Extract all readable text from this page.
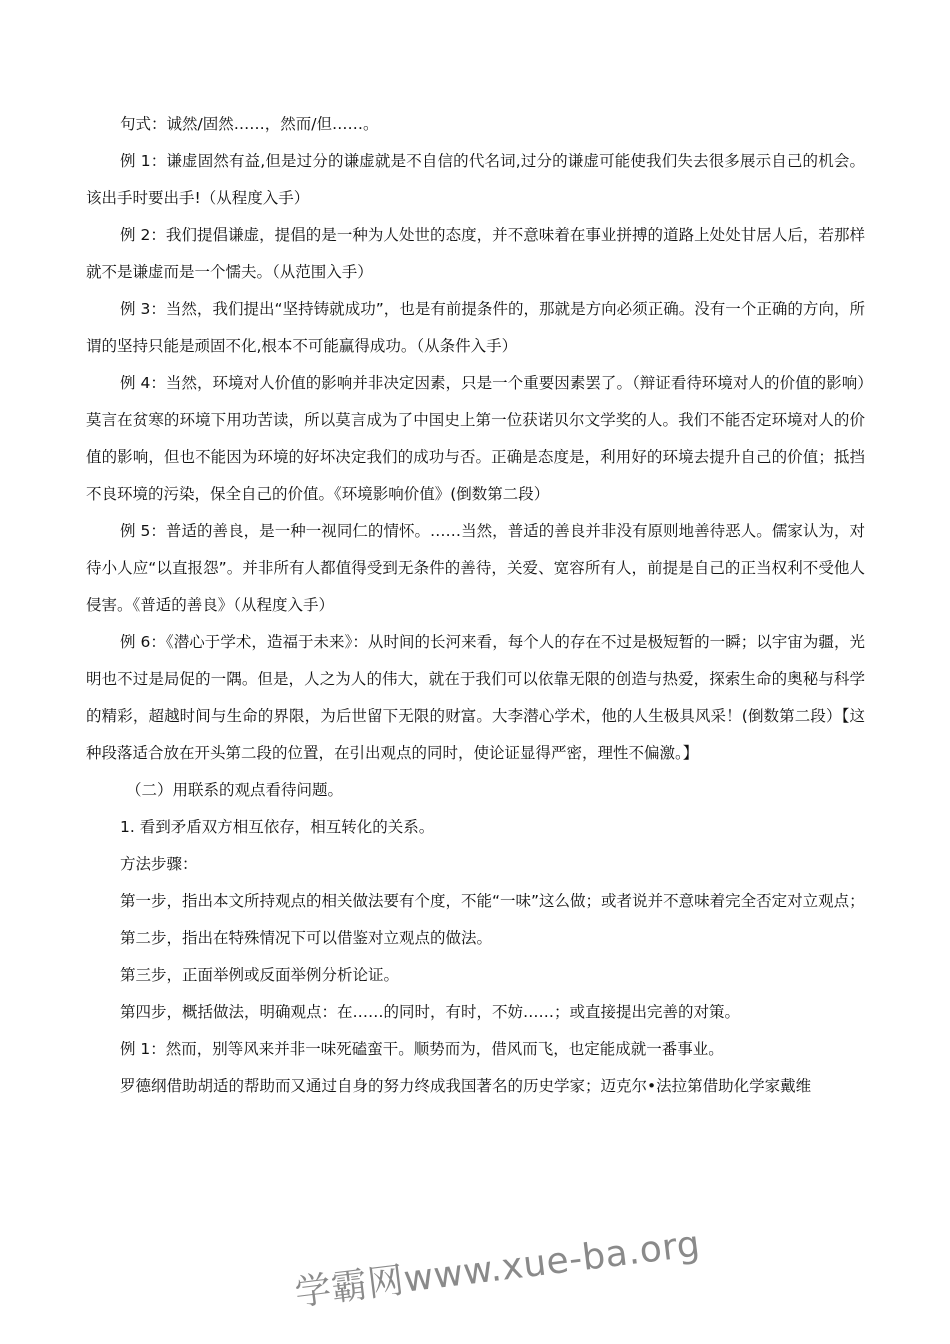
句式：诚然/固然……，然而/但……。

例 1：谦虚固然有益,但是过分的谦虚就是不自信的代名词,过分的谦虚可能使我们失去很多展示自己的机会。该出手时要出手!（从程度入手）

例 2：我们提倡谦虚，提倡的是一种为人处世的态度，并不意味着在事业拼搏的道路上处处甘居人后，若那样就不是谦虚而是一个懦夫。（从范围入手）

例 3：当然，我们提出“坚持铸就成功”，也是有前提条件的，那就是方向必须正确。没有一个正确的方向，所谓的坚持只能是顽固不化,根本不可能赢得成功。（从条件入手）

例 4：当然，环境对人价值的影响并非决定因素，只是一个重要因素罢了。（辩证看待环境对人的价值的影响）莫言在贫寒的环境下用功苦读，所以莫言成为了中国史上第一位获诺贝尔文学奖的人。我们不能否定环境对人的价值的影响，但也不能因为环境的好坏决定我们的成功与否。正确是态度是，利用好的环境去提升自己的价值；抵挡不良环境的污染，保全自己的价值。《环境影响价值》(倒数第二段）

例 5：普适的善良，是一种一视同仁的情怀。……当然，普适的善良并非没有原则地善待恶人。儒家认为，对待小人应“以直报怨”。并非所有人都值得受到无条件的善待，关爱、宽容所有人，前提是自己的正当权利不受他人侵害。《普适的善良》（从程度入手）

例 6：《潜心于学术，造福于未来》：从时间的长河来看，每个人的存在不过是极短暂的一瞬；以宇宙为疆，光明也不过是局促的一隅。但是，人之为人的伟大，就在于我们可以依靠无限的创造与热爱，探索生命的奥秘与科学的精彩，超越时间与生命的界限，为后世留下无限的财富。大李潜心学术，他的人生极具风采！(倒数第二段）【这种段落适合放在开头第二段的位置，在引出观点的同时，使论证显得严密，理性不偏激。】

（二）用联系的观点看待问题。

1. 看到矛盾双方相互依存，相互转化的关系。

方法步骤：

第一步，指出本文所持观点的相关做法要有个度，不能“一味”这么做；或者说并不意味着完全否定对立观点；

第二步，指出在特殊情况下可以借鉴对立观点的做法。

第三步，正面举例或反面举例分析论证。

第四步，概括做法，明确观点：在……的同时，有时，不妨……；或直接提出完善的对策。

例 1：然而，别等风来并非一味死磕蛮干。顺势而为，借风而飞，也定能成就一番事业。

罗德纲借助胡适的帮助而又通过自身的努力终成我国著名的历史学家；迈克尔•法拉第借助化学家戴维

学霸网www.xue-ba.org
